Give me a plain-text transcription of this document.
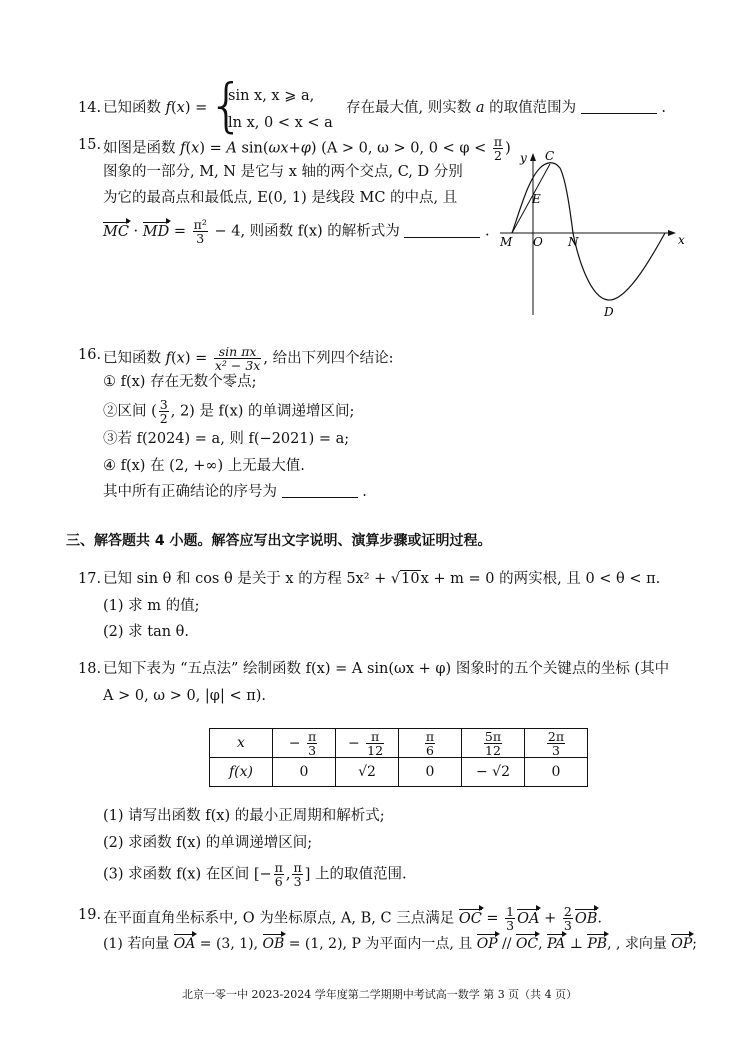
14. 已知函数 f(x) = {
sin x, x ⩾ a,
ln x, 0 < x < a
存在最大值, 则实数 a 的取值范围为	.
15. 如图是函数 f(x) = A sin(ωx+φ) (A > 0, ω > 0, $0 < \varphi < \frac{\pi}{2}$ )
图象的一部分, M, N 是它与 x 轴的两个交点, C, D 分别
为它的最高点和最低点, E(0, 1) 是线段 MC 的中点, 且
MC · MD = $\frac{\text{π²}}{3} - 4$, 则函数 f(x) 的解析式为	.
y
x
C
E
M O N
D
16. 已知函数 $f(x) = \frac{\text{sin πx}}{\text{x² − 3x}}$ , 给出下列四个结论:
① f(x) 存在无数个零点;
②区间 ( $\frac{3}{2}$ , 2) 是 f(x) 的单调递增区间;
③若 f(2024) = a, 则 f(−2021) = a;
④ f(x) 在 (2, +∞) 上无最大值.
其中所有正确结论的序号为	.
三、解答题共 4 小题。解答应写出文字说明、演算步骤或证明过程。
17. 已知 sin θ 和 cos θ 是关于 x 的方程 5x² + √10x + m = 0 的两实根, 且 0 < θ < π.
(1) 求 m 的值;
(2) 求 tan θ.
18. 已知下表为 “五点法” 绘制函数 f(x) = A sin(ωx + φ) 图象时的五个关键点的坐标 (其中
A > 0, ω > 0, |φ| < π).
x	− $\frac{\pi}{3}$	− $\frac{\pi}{12}$	$\frac{\pi}{6}$	$\frac{5\pi}{12}$	$\frac{2\pi}{3}$

f(x)	0	√2	0	− √2	0
(1) 请写出函数 f(x) 的最小正周期和解析式;
(2) 求函数 f(x) 的单调递增区间;
(3) 求函数 f(x) 在区间 [− $\frac{\pi}{6}$ , $\frac{\pi}{3}$ ] 上的取值范围.
19. 在平面直角坐标系中, O 为坐标原点, A, B, C 三点满足 OC = $\frac{1}{3}$ OA + $\frac{2}{3}$ OB.
(1) 若向量 OA = (3, 1), OB = (1, 2), P 为平面内一点, 且 OP // OC, PA ⊥ PB, , 求向量 OP;
北京一零一中 2023-2024 学年度第二学期期中考试高一数学 第 3 页（共 4 页）
